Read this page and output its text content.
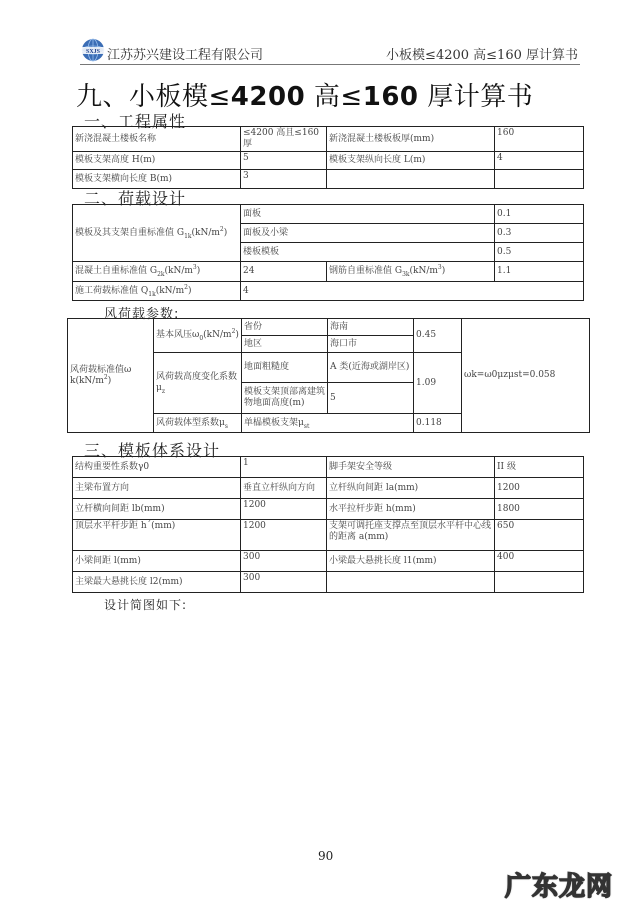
SXJS 江苏苏兴建设工程有限公司	小板模≤4200 高≤160 厚计算书
九、小板模≤4200 高≤160 厚计算书
一、工程属性
新浇混凝土楼板名称	≤4200 高且≤160 厚	新浇混凝土楼板板厚(mm)	160
模板支架高度 H(m)	5	模板支架纵向长度 L(m)	4
模板支架横向长度 B(m)	3		
二、荷载设计
模板及其支架自重标准值 $G_{1k}(kN/m^2)$	面板		0.1
	面板及小梁		0.3
	楼板模板		0.5
混凝土自重标准值 $G_{2k}(kN/m^3)$	24	钢筋自重标准值 $G_{3k}(kN/m^3)$	1.1
施工荷载标准值 $Q_{1k}(kN/m^2)$	4		
风荷载参数:
风荷载标准值ω
$k(kN/m^2)$	基本风压$\omega_0(kN/m^2)$	省份	海南	0.45	ωk=ω0μzμst=0.058
		地区	海口市		
	风荷载高度变化系数$\mu_z$	地面粗糙度	A 类(近海或湖岸区)	1.09	
		模板支架顶部离建筑物地面高度(m)	5		
	风荷载体型系数$\mu_s$	单榀模板支架$\mu_{st}$		0.118	
三、模板体系设计
结构重要性系数γ0	1	脚手架安全等级	II 级
主梁布置方向	垂直立杆纵向方向	立杆纵向间距 la(mm)	1200
立杆横向间距 lb(mm)	1200	水平拉杆步距 h(mm)	1800
顶层水平杆步距 h´(mm)	1200	支架可调托座支撑点至顶层水平杆中心线的距离 a(mm)	650
小梁间距 l(mm)	300	小梁最大悬挑长度 l1(mm)	400
主梁最大悬挑长度 l2(mm)	300		
设计简图如下:
90
广东龙网
